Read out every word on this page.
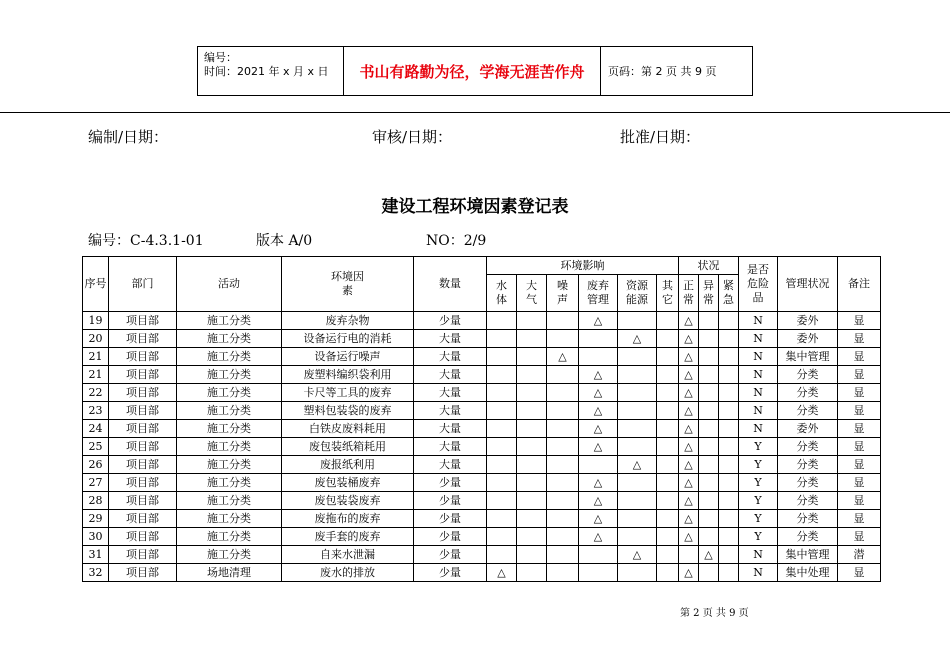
编号：
时间：2021 年 x 月 x 日	书山有路勤为径，学海无涯苦作舟	页码：第 2 页 共 9 页
编制/日期：	审核/日期：	批准/日期：
建设工程环境因素登记表
编号：C-4.3.1-01	版本 A/0	NO：2/9
序号	部门	活动	环境因素	数量	环境影响						状况			是否危险品	管理状况	备注
					水体	大气	噪声	废弃管理	资源能源	其它	正常	异常	紧急			
19	项目部	施工分类	废弃杂物	少量				△			△			N	委外	显
20	项目部	施工分类	设备运行电的消耗	大量					△		△			N	委外	显
21	项目部	施工分类	设备运行噪声	大量			△				△			N	集中管理	显
21	项目部	施工分类	废塑料编织袋利用	大量				△			△			N	分类	显
22	项目部	施工分类	卡尺等工具的废弃	大量				△			△			N	分类	显
23	项目部	施工分类	塑料包装袋的废弃	大量				△			△			N	分类	显
24	项目部	施工分类	白铁皮废料耗用	大量				△			△			N	委外	显
25	项目部	施工分类	废包装纸箱耗用	大量				△			△			Y	分类	显
26	项目部	施工分类	废报纸利用	大量					△		△			Y	分类	显
27	项目部	施工分类	废包装桶废弃	少量				△			△			Y	分类	显
28	项目部	施工分类	废包装袋废弃	少量				△			△			Y	分类	显
29	项目部	施工分类	废拖布的废弃	少量				△			△			Y	分类	显
30	项目部	施工分类	废手套的废弃	少量				△			△			Y	分类	显
31	项目部	施工分类	自来水泄漏	少量					△			△		N	集中管理	潜
32	项目部	场地清理	废水的排放	少量	△						△			N	集中处理	显
第 2 页 共 9 页
